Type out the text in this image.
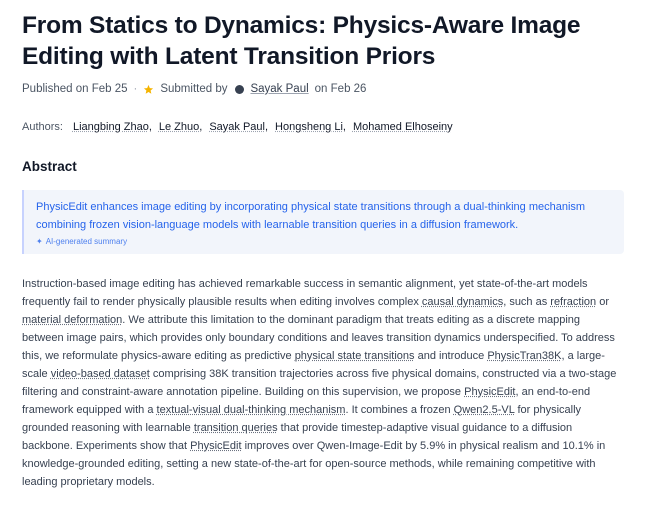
From Statics to Dynamics: Physics-Aware Image Editing with Latent Transition Priors
Published on Feb 25 · Submitted by Sayak Paul on Feb 26
Authors: Liangbing Zhao , Le Zhuo , Sayak Paul , Hongsheng Li , Mohamed Elhoseiny
Abstract
PhysicEdit enhances image editing by incorporating physical state transitions through a dual-thinking mechanism combining frozen vision-language models with learnable transition queries in a diffusion framework.
✦ AI-generated summary
Instruction-based image editing has achieved remarkable success in semantic alignment, yet state-of-the-art models frequently fail to render physically plausible results when editing involves complex causal dynamics, such as refraction or material deformation. We attribute this limitation to the dominant paradigm that treats editing as a discrete mapping between image pairs, which provides only boundary conditions and leaves transition dynamics underspecified. To address this, we reformulate physics-aware editing as predictive physical state transitions and introduce PhysicTran38K, a large-scale video-based dataset comprising 38K transition trajectories across five physical domains, constructed via a two-stage filtering and constraint-aware annotation pipeline. Building on this supervision, we propose PhysicEdit, an end-to-end framework equipped with a textual-visual dual-thinking mechanism. It combines a frozen Qwen2.5-VL for physically grounded reasoning with learnable transition queries that provide timestep-adaptive visual guidance to a diffusion backbone. Experiments show that PhysicEdit improves over Qwen-Image-Edit by 5.9% in physical realism and 10.1% in knowledge-grounded editing, setting a new state-of-the-art for open-source methods, while remaining competitive with leading proprietary models.
